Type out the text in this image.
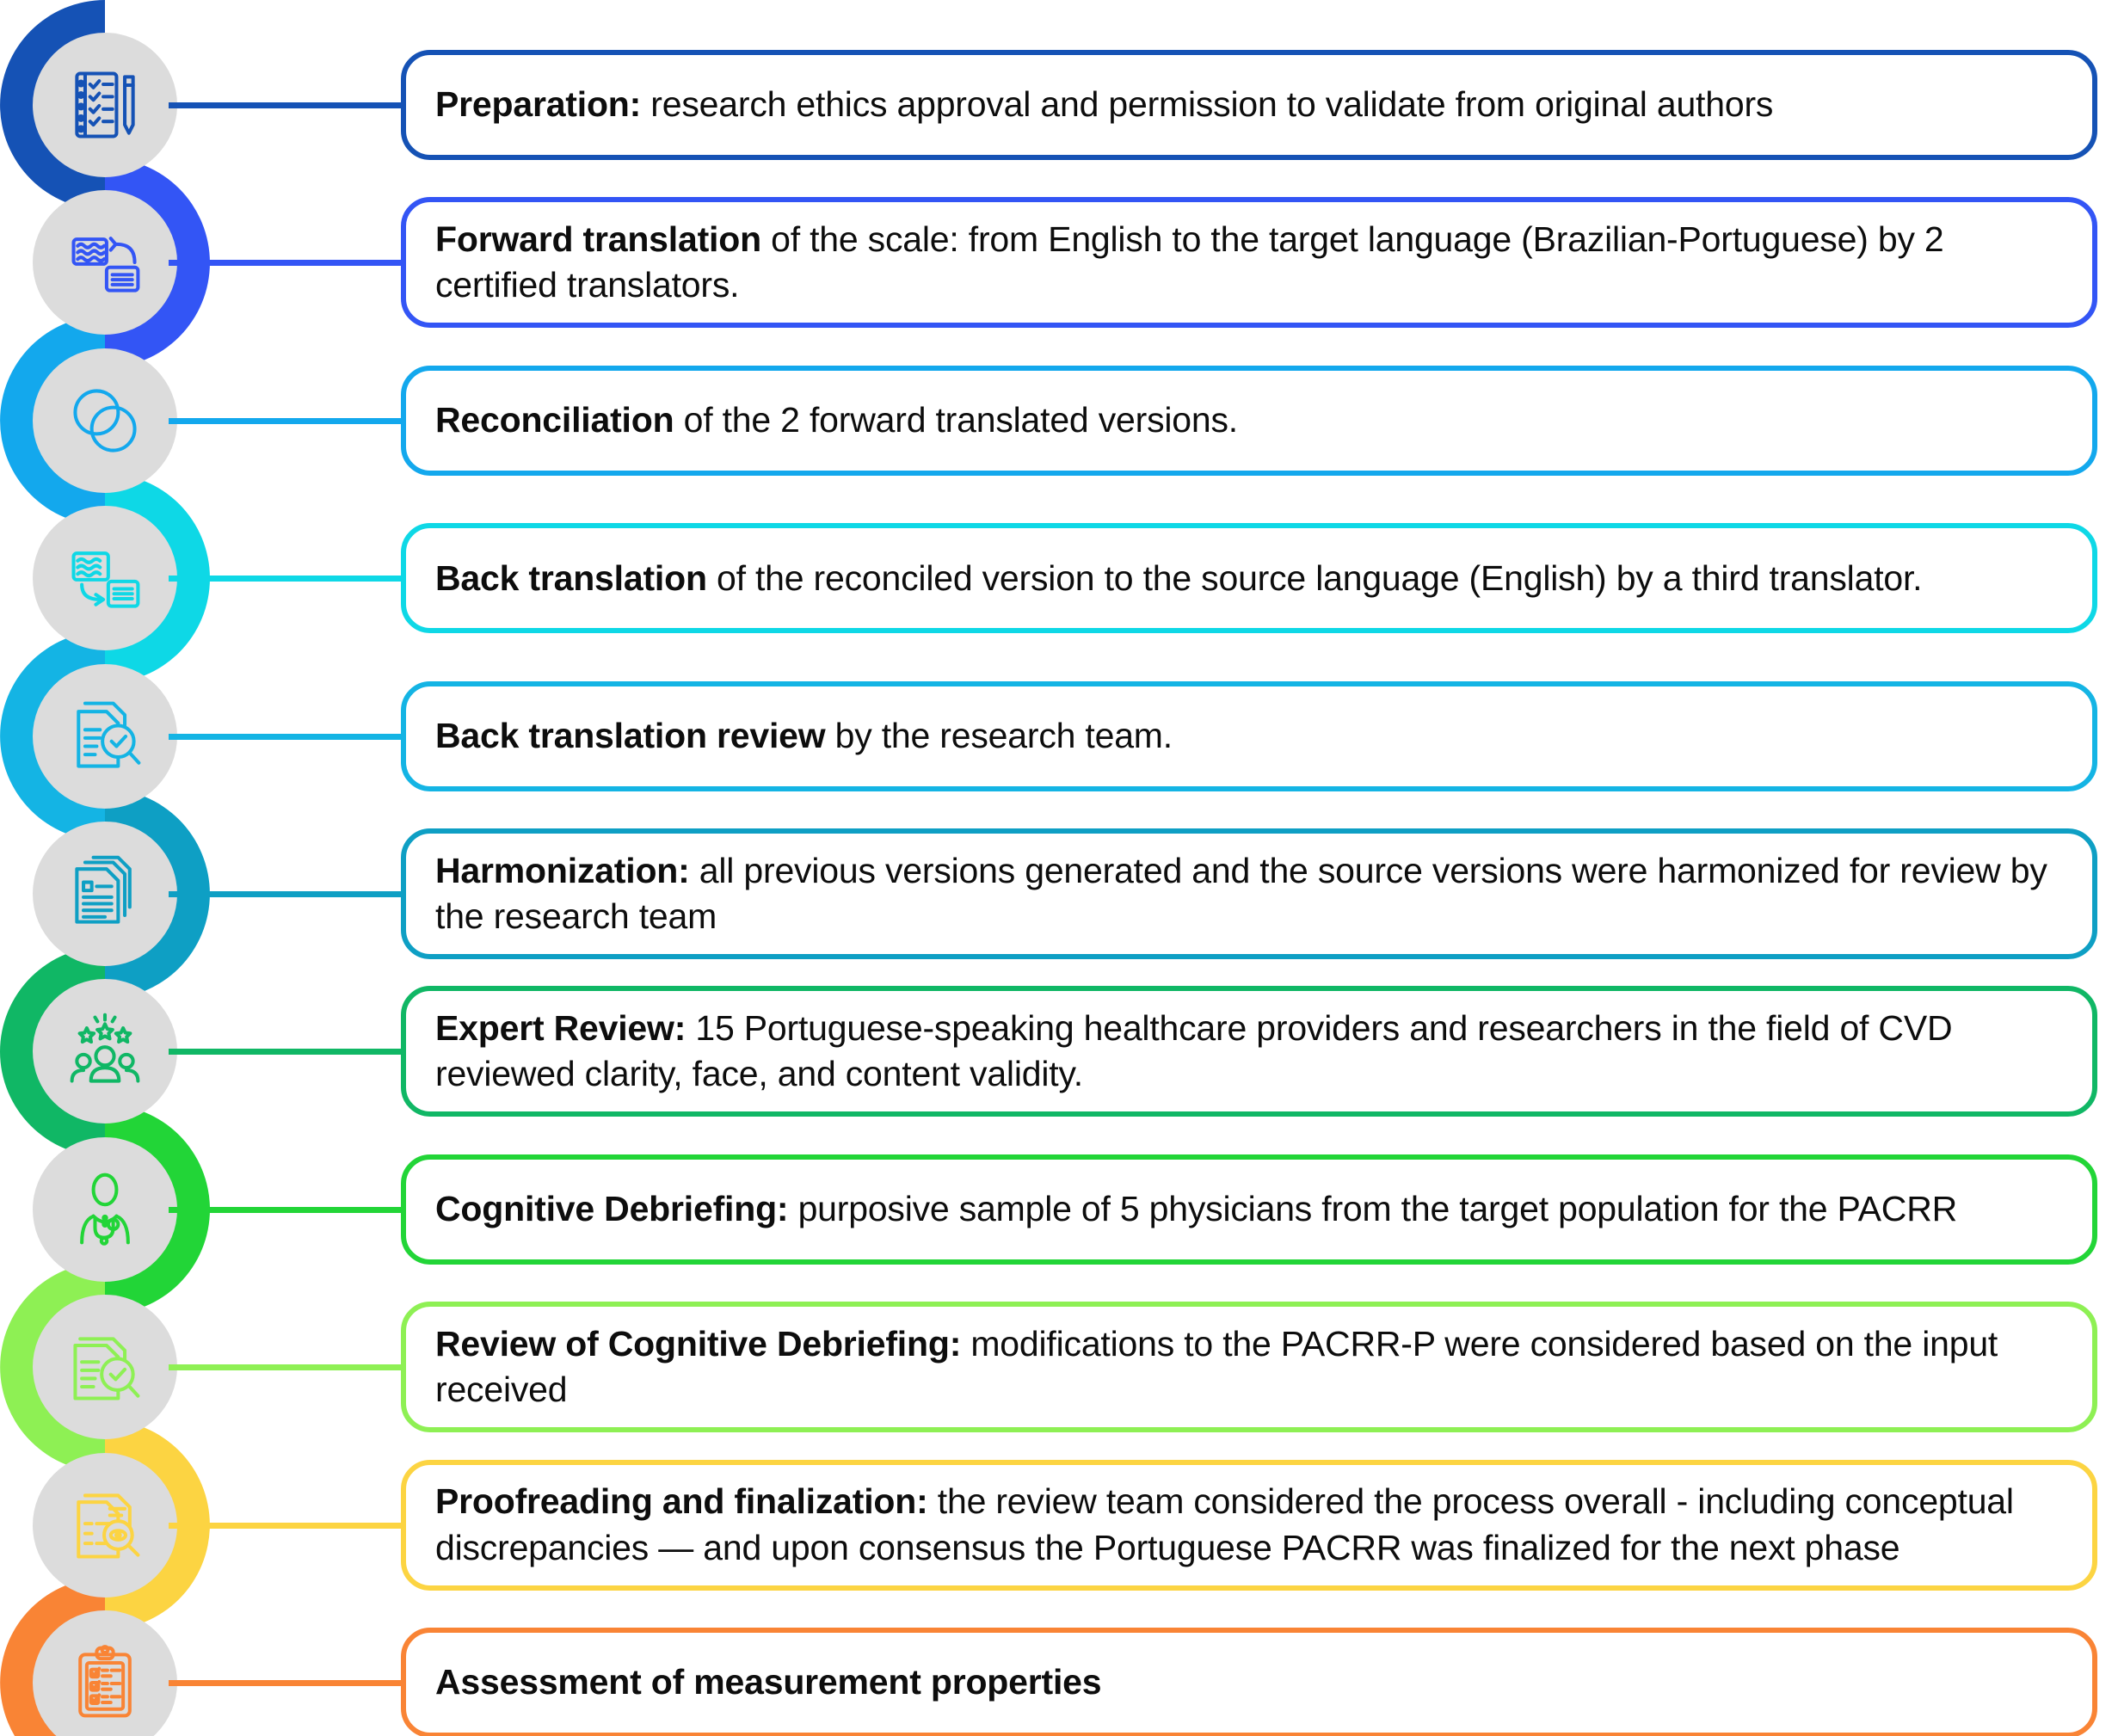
Preparation: research ethics approval and permission to validate from original authors

Forward translation of the scale: from English to the target language (Brazilian-Portuguese) by 2 certified translators.

Reconciliation of the 2 forward translated versions.

Back translation of the reconciled version to the source language (English) by a third translator.

Back translation review by the research team.

Harmonization: all previous versions generated and the source versions were harmonized for review by the research team

Expert Review: 15 Portuguese-speaking healthcare providers and researchers in the field of CVD reviewed clarity, face, and content validity.

Cognitive Debriefing: purposive sample of 5 physicians from the target population for the PACRR

Review of Cognitive Debriefing: modifications to the PACRR-P were considered based on the input received

Proofreading and finalization: the review team considered the process overall - including conceptual discrepancies — and upon consensus the Portuguese PACRR was finalized for the next phase

Assessment of measurement properties
